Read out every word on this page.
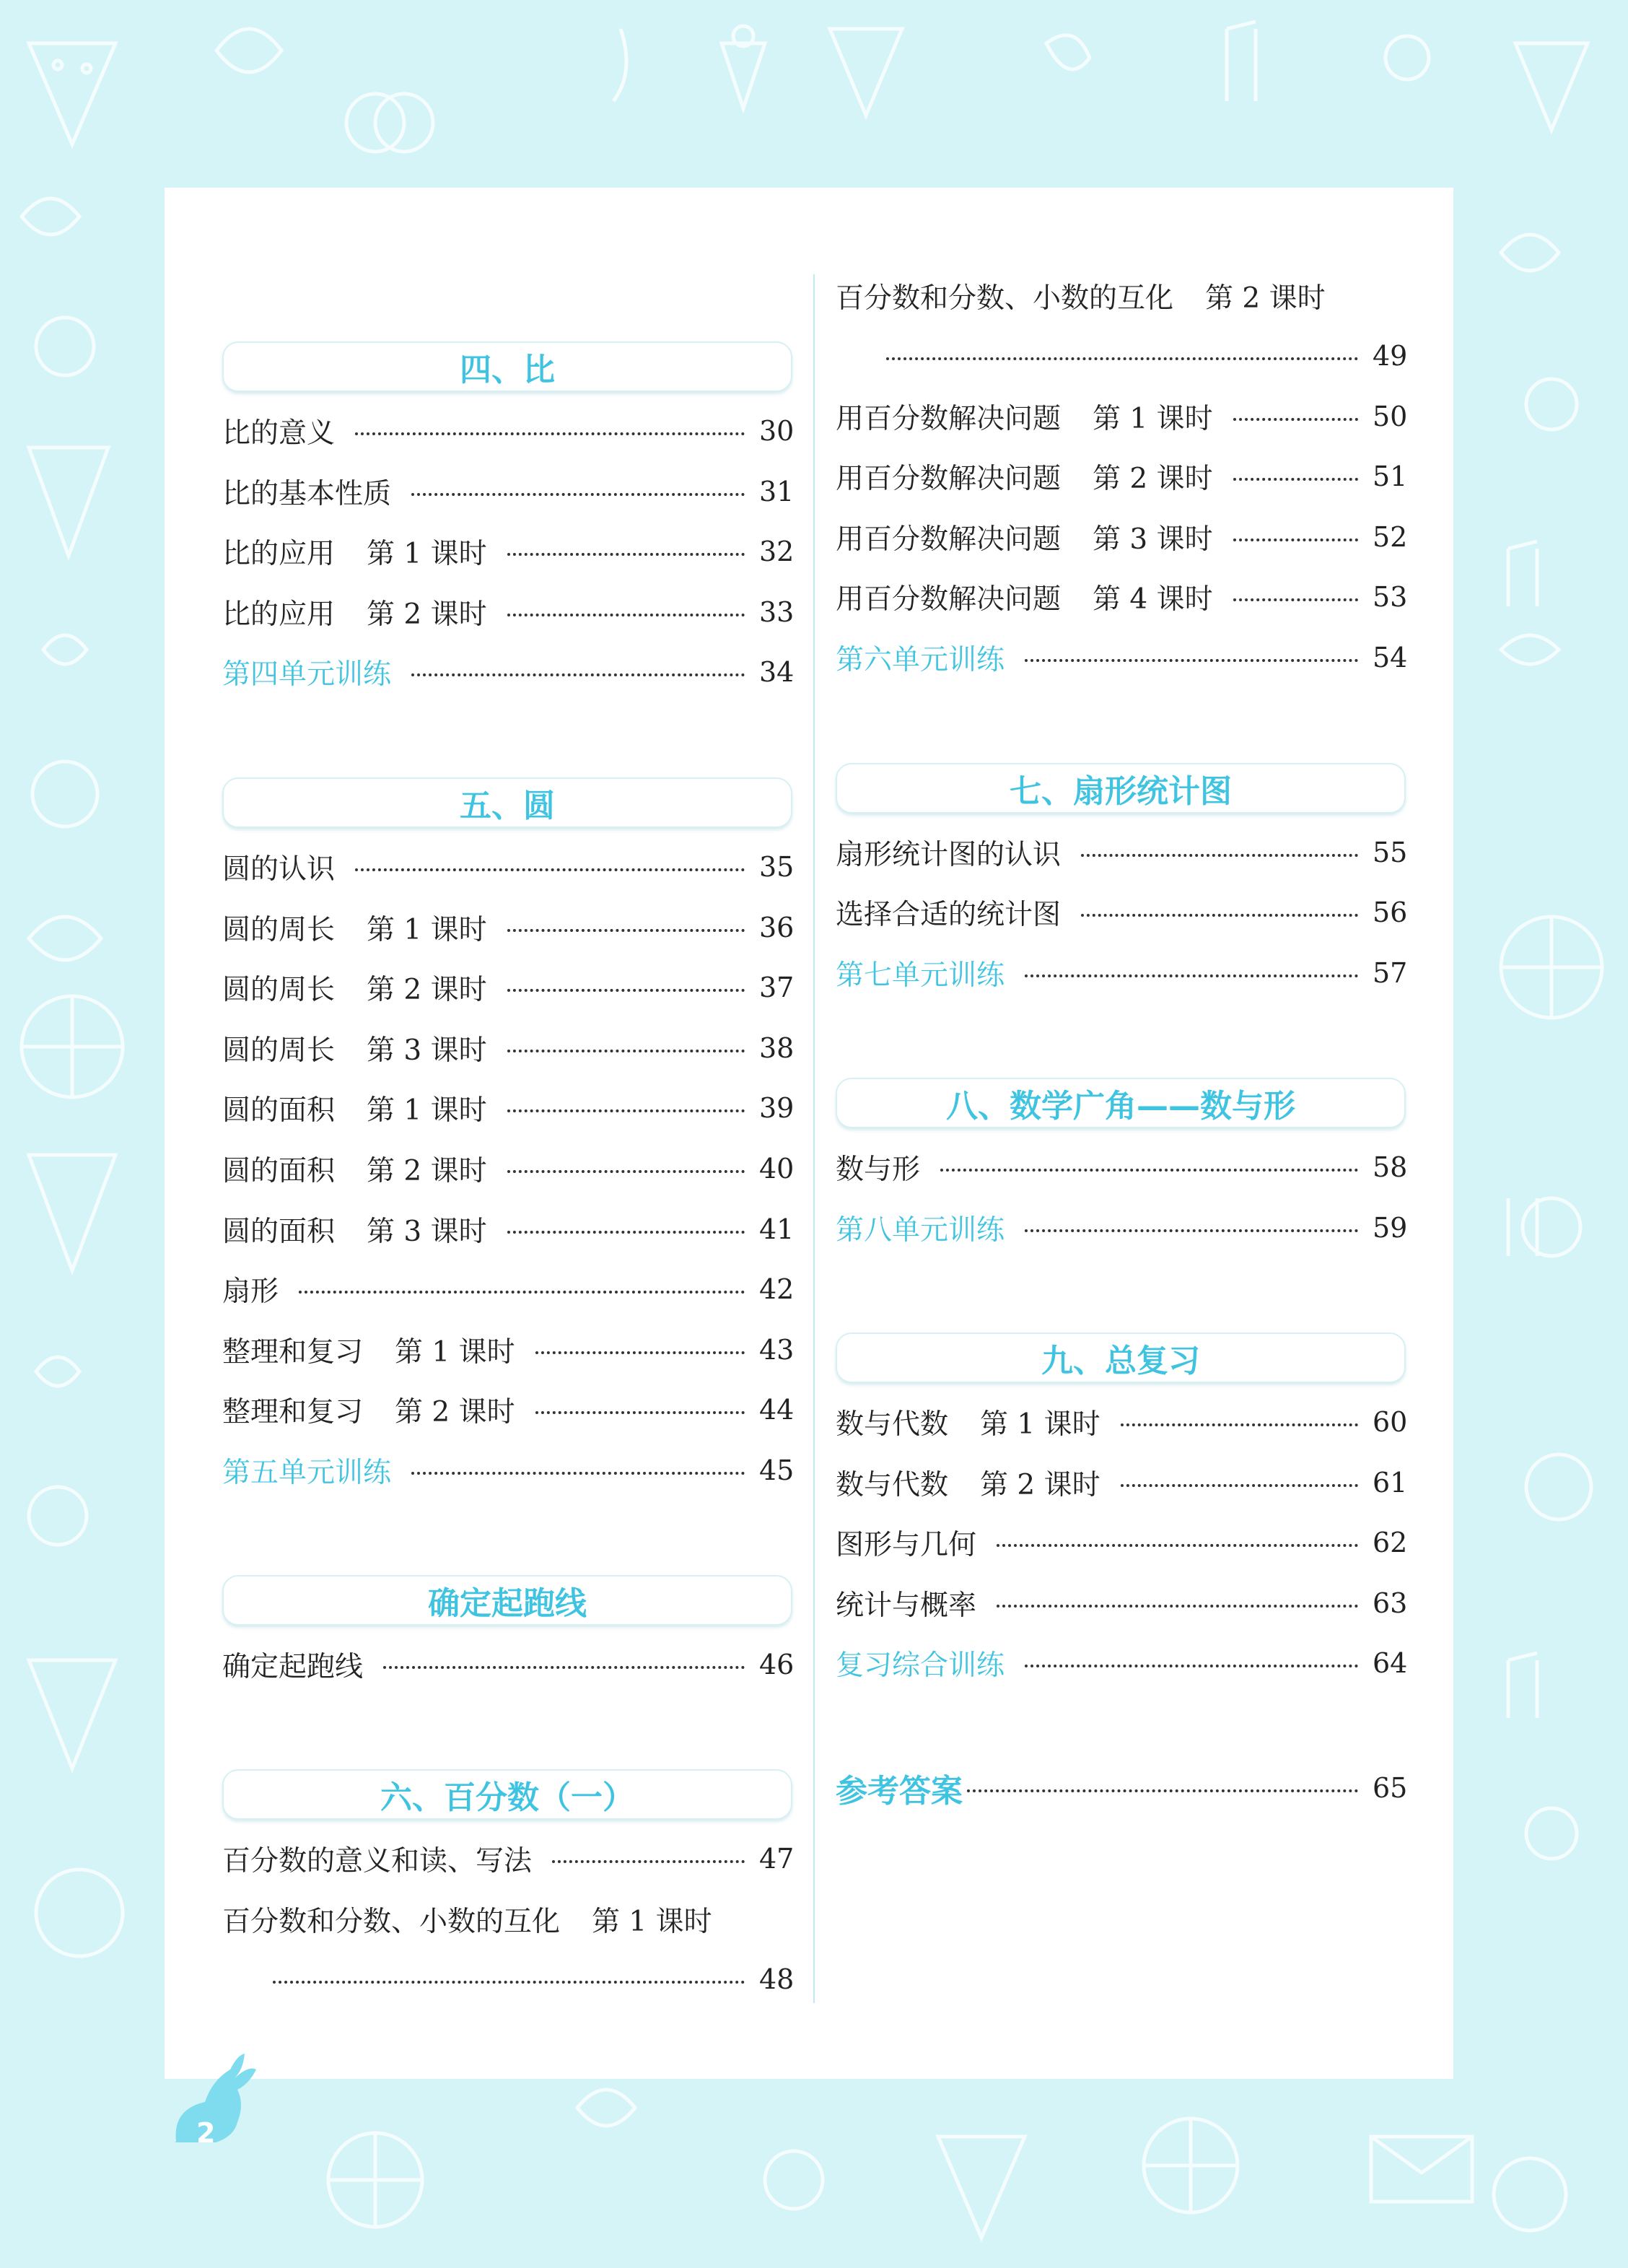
四、比
比的意义	30
比的基本性质	31
比的应用 第 1 课时	32
比的应用 第 2 课时	33
第四单元训练	34
五、圆
圆的认识	35
圆的周长 第 1 课时	36
圆的周长 第 2 课时	37
圆的周长 第 3 课时	38
圆的面积 第 1 课时	39
圆的面积 第 2 课时	40
圆的面积 第 3 课时	41
扇形	42
整理和复习 第 1 课时	43
整理和复习 第 2 课时	44
第五单元训练	45
确定起跑线
确定起跑线	46
六、百分数（一）
百分数的意义和读、写法	47
百分数和分数、小数的互化 第 1 课时
48
百分数和分数、小数的互化 第 2 课时
49
用百分数解决问题 第 1 课时	50
用百分数解决问题 第 2 课时	51
用百分数解决问题 第 3 课时	52
用百分数解决问题 第 4 课时	53
第六单元训练	54
七、扇形统计图
扇形统计图的认识	55
选择合适的统计图	56
第七单元训练	57
八、数学广角——数与形
数与形	58
第八单元训练	59
九、总复习
数与代数 第 1 课时	60
数与代数 第 2 课时	61
图形与几何	62
统计与概率	63
复习综合训练	64
参考答案	65
2
